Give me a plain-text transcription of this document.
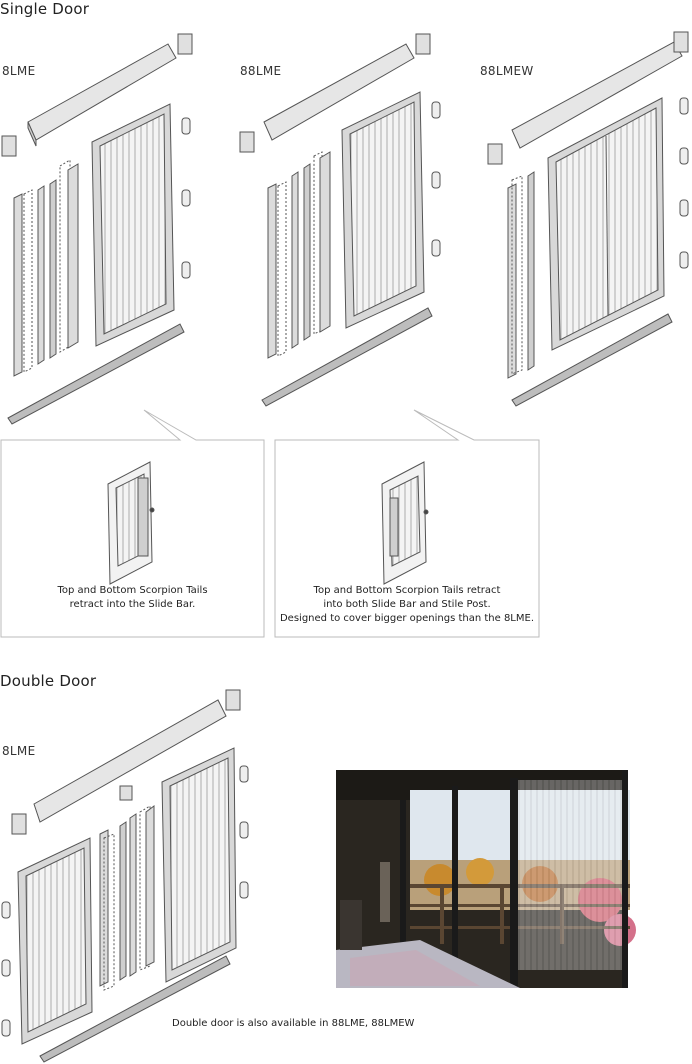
Single Door
8LME	88LME	88LMEW
Top and Bottom Scorpion Tails
retract into the Slide Bar.
Top and Bottom Scorpion Tails retract
into both Slide Bar and Stile Post.
Designed to cover bigger openings than the 8LME.
Double Door
8LME
Double door is also available in 88LME, 88LMEW
